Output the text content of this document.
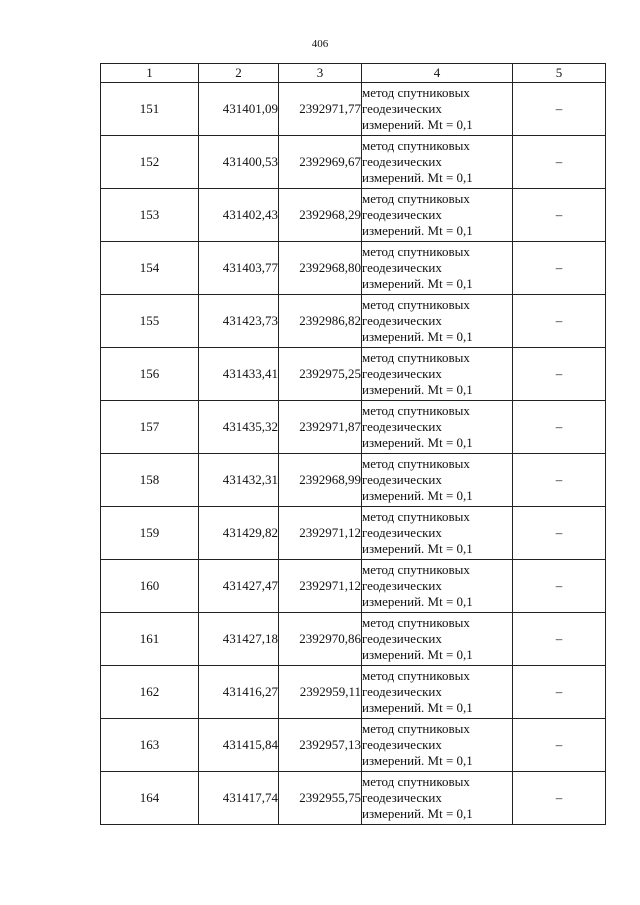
406
1	2	3	4	5
151	431401,09	2392971,77	метод спутниковых
геодезических
измерений. Mt = 0,1	–
152	431400,53	2392969,67	метод спутниковых
геодезических
измерений. Mt = 0,1	–
153	431402,43	2392968,29	метод спутниковых
геодезических
измерений. Mt = 0,1	–
154	431403,77	2392968,80	метод спутниковых
геодезических
измерений. Mt = 0,1	–
155	431423,73	2392986,82	метод спутниковых
геодезических
измерений. Mt = 0,1	–
156	431433,41	2392975,25	метод спутниковых
геодезических
измерений. Mt = 0,1	–
157	431435,32	2392971,87	метод спутниковых
геодезических
измерений. Mt = 0,1	–
158	431432,31	2392968,99	метод спутниковых
геодезических
измерений. Mt = 0,1	–
159	431429,82	2392971,12	метод спутниковых
геодезических
измерений. Mt = 0,1	–
160	431427,47	2392971,12	метод спутниковых
геодезических
измерений. Mt = 0,1	–
161	431427,18	2392970,86	метод спутниковых
геодезических
измерений. Mt = 0,1	–
162	431416,27	2392959,11	метод спутниковых
геодезических
измерений. Mt = 0,1	–
163	431415,84	2392957,13	метод спутниковых
геодезических
измерений. Mt = 0,1	–
164	431417,74	2392955,75	метод спутниковых
геодезических
измерений. Mt = 0,1	–
